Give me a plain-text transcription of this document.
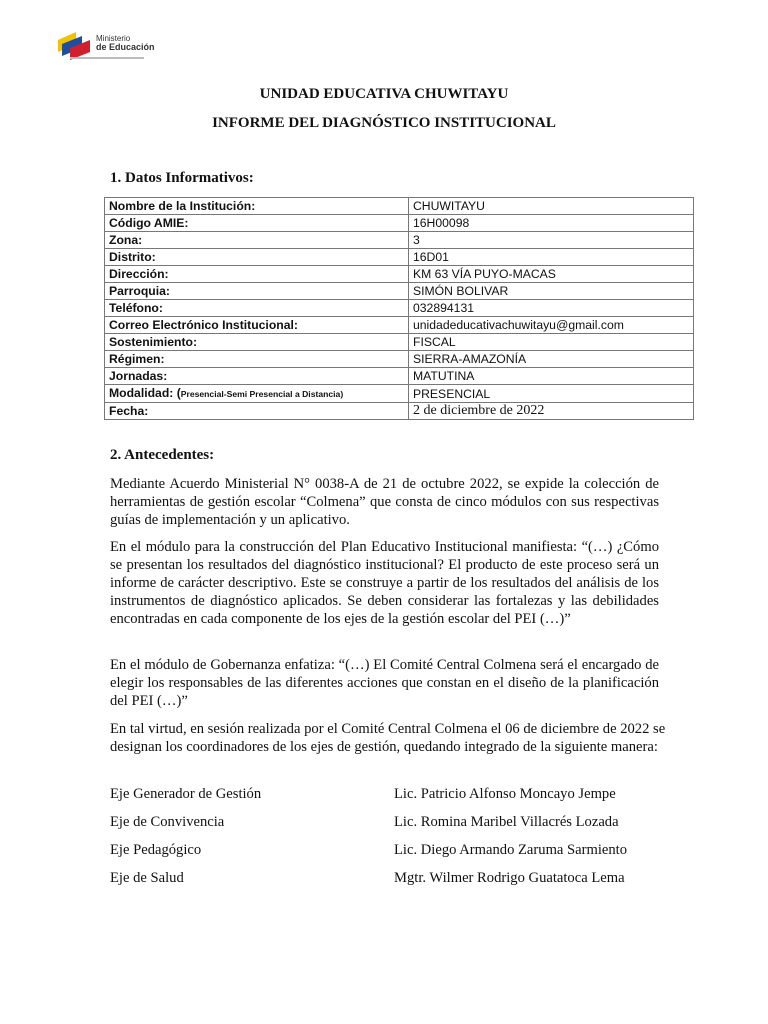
Ministerio
de Educación
UNIDAD EDUCATIVA CHUWITAYU
INFORME DEL DIAGNÓSTICO INSTITUCIONAL
1. Datos Informativos:
Nombre de la Institución:	CHUWITAYU
Código AMIE:	16H00098
Zona:	3
Distrito:	16D01
Dirección:	KM 63 VÍA PUYO-MACAS
Parroquia:	SIMÓN BOLIVAR
Teléfono:	032894131
Correo Electrónico Institucional:	unidadeducativachuwitayu@gmail.com
Sostenimiento:	FISCAL
Régimen:	SIERRA-AMAZONÍA
Jornadas:	MATUTINA
Modalidad: (Presencial-Semi Presencial a Distancia)	PRESENCIAL
Fecha:	2 de diciembre de 2022
2. Antecedentes:
Mediante Acuerdo Ministerial N° 0038-A de 21 de octubre 2022, se expide la colección de herramientas de gestión escolar “Colmena” que consta de cinco módulos con sus respectivas guías de implementación y un aplicativo.
En el módulo para la construcción del Plan Educativo Institucional manifiesta: “(…) ¿Cómo se presentan los resultados del diagnóstico institucional? El producto de este proceso será un informe de carácter descriptivo. Este se construye a partir de los resultados del análisis de los instrumentos de diagnóstico aplicados. Se deben considerar las fortalezas y las debilidades encontradas en cada componente de los ejes de la gestión escolar del PEI (…)”
En el módulo de Gobernanza enfatiza: “(…) El Comité Central Colmena será el encargado de elegir los responsables de las diferentes acciones que constan en el diseño de la planificación del PEI (…)”
En tal virtud, en sesión realizada por el Comité Central Colmena el 06 de diciembre de 2022 se designan los coordinadores de los ejes de gestión, quedando integrado de la siguiente manera:
Eje Generador de Gestión	Lic. Patricio Alfonso Moncayo Jempe
Eje de Convivencia	Lic. Romina Maribel Villacrés Lozada
Eje Pedagógico	Lic. Diego Armando Zaruma Sarmiento
Eje de Salud	Mgtr. Wilmer Rodrigo Guatatoca Lema
